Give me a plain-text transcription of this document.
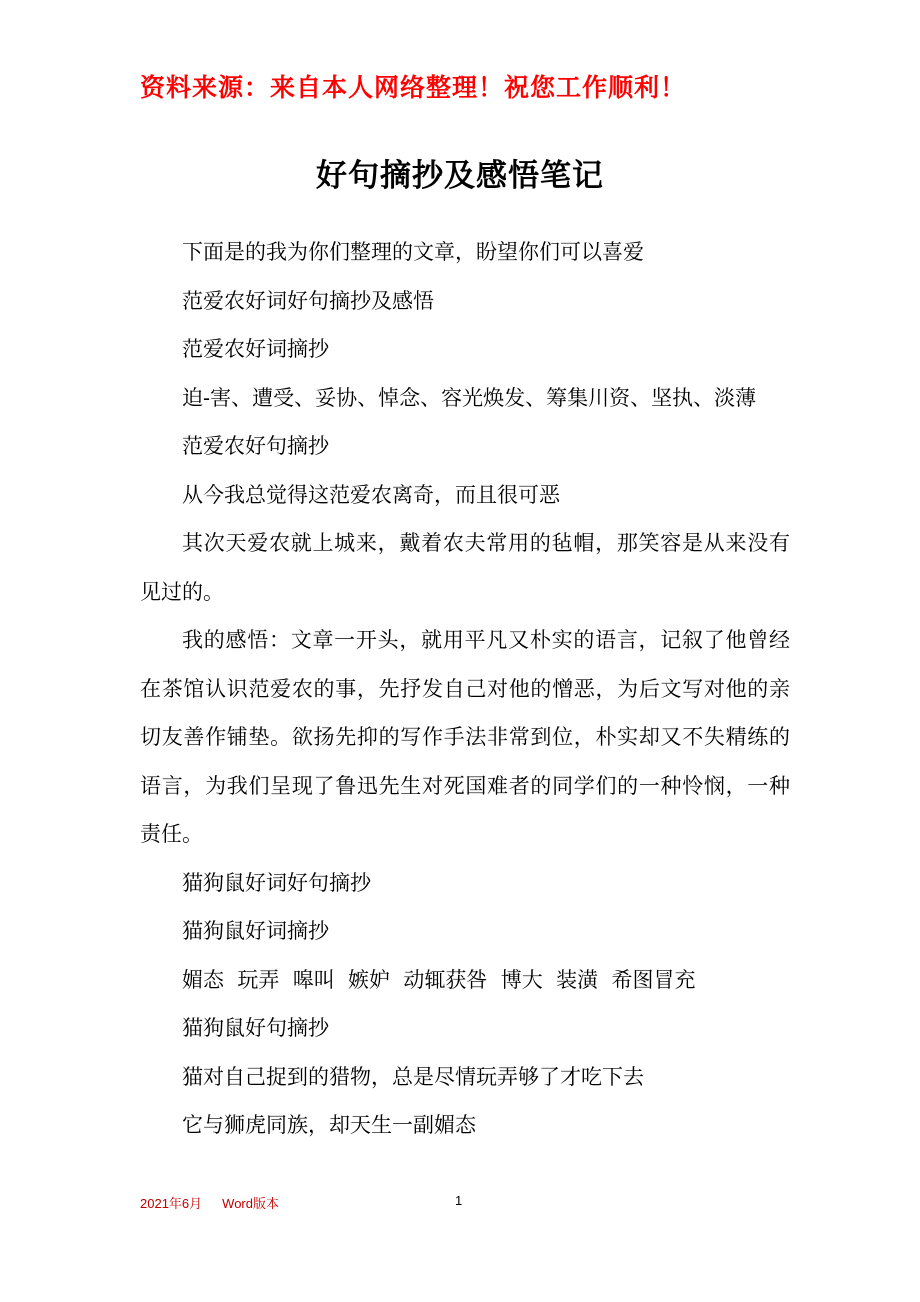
资料来源：来自本人网络整理！祝您工作顺利！
好句摘抄及感悟笔记

下面是的我为你们整理的文章，盼望你们可以喜爱

范爱农好词好句摘抄及感悟

范爱农好词摘抄

迫-害、遭受、妥协、悼念、容光焕发、筹集川资、坚执、淡薄

范爱农好句摘抄

从今我总觉得这范爱农离奇，而且很可恶

其次天爱农就上城来，戴着农夫常用的毡帽，那笑容是从来没有见过的。

我的感悟：文章一开头，就用平凡又朴实的语言，记叙了他曾经在茶馆认识范爱农的事，先抒发自己对他的憎恶，为后文写对他的亲切友善作铺垫。欲扬先抑的写作手法非常到位，朴实却又不失精练的语言，为我们呈现了鲁迅先生对死国难者的同学们的一种怜悯，一种责任。

猫狗鼠好词好句摘抄

猫狗鼠好词摘抄

媚态  玩弄  嗥叫  嫉妒  动辄获咎  博大  装潢  希图冒充

猫狗鼠好句摘抄

猫对自己捉到的猎物，总是尽情玩弄够了才吃下去

它与狮虎同族，却天生一副媚态

2021年6月 Word版本	1
